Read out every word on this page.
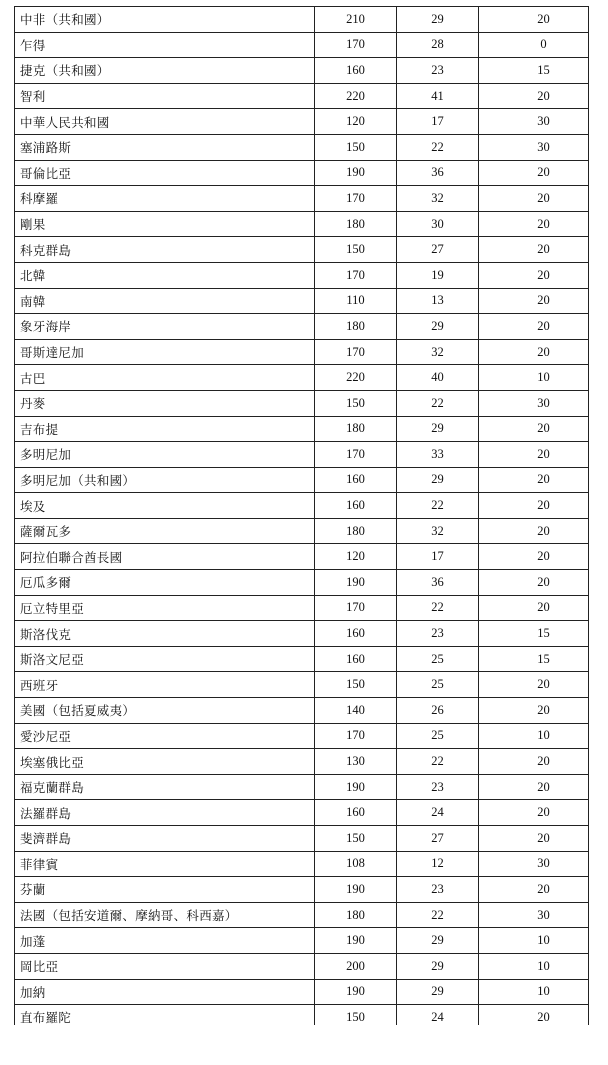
中非（共和國）	210	29	20
乍得	170	28	0
捷克（共和國）	160	23	15
智利	220	41	20
中華人民共和國	120	17	30
塞浦路斯	150	22	30
哥倫比亞	190	36	20
科摩羅	170	32	20
剛果	180	30	20
科克群島	150	27	20
北韓	170	19	20
南韓	110	13	20
象牙海岸	180	29	20
哥斯達尼加	170	32	20
古巴	220	40	10
丹麥	150	22	30
吉布提	180	29	20
多明尼加	170	33	20
多明尼加（共和國）	160	29	20
埃及	160	22	20
薩爾瓦多	180	32	20
阿拉伯聯合酋長國	120	17	20
厄瓜多爾	190	36	20
厄立特里亞	170	22	20
斯洛伐克	160	23	15
斯洛文尼亞	160	25	15
西班牙	150	25	20
美國（包括夏威夷）	140	26	20
愛沙尼亞	170	25	10
埃塞俄比亞	130	22	20
福克蘭群島	190	23	20
法羅群島	160	24	20
斐濟群島	150	27	20
菲律賓	108	12	30
芬蘭	190	23	20
法國（包括安道爾、摩納哥、科西嘉）	180	22	30
加蓬	190	29	10
岡比亞	200	29	10
加納	190	29	10
直布羅陀	150	24	20
